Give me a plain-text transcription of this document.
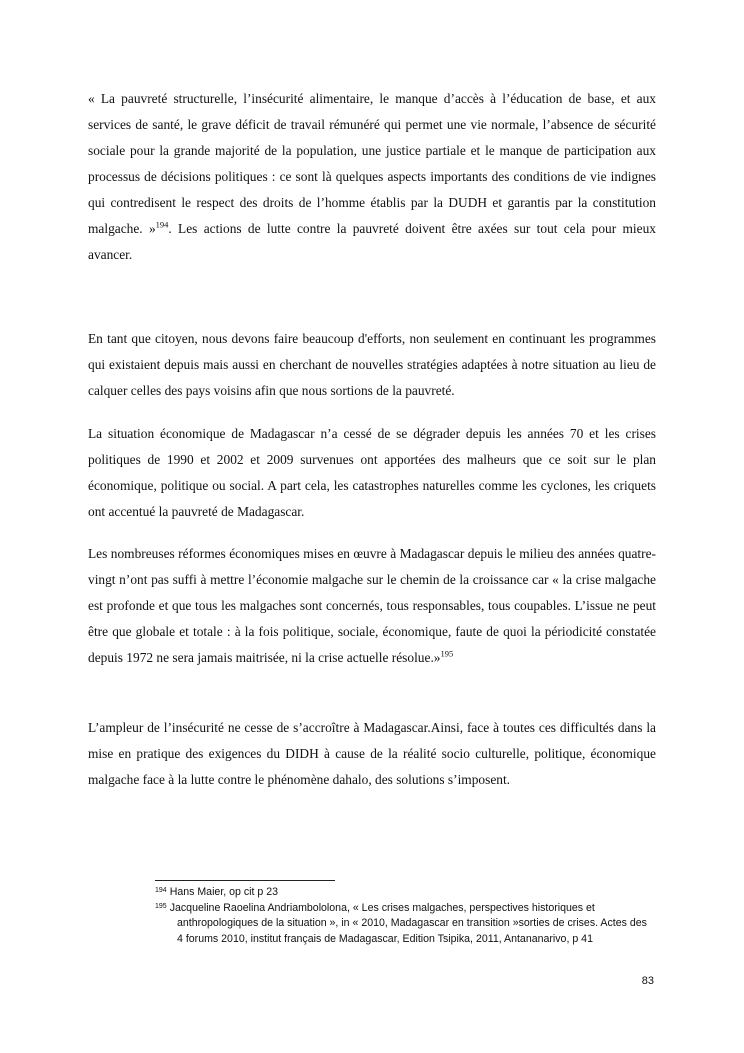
« La pauvreté structurelle, l’insécurité alimentaire, le manque d’accès à l’éducation de base, et aux services de santé, le grave déficit de travail rémunéré qui permet une vie normale, l’absence de sécurité sociale pour la grande majorité de la population, une justice partiale et le manque de participation aux processus de décisions politiques : ce sont là quelques aspects importants des conditions de vie indignes qui contredisent le respect des droits de l’homme établis par la DUDH et garantis par la constitution malgache. »$^{194}$. Les actions de lutte contre la pauvreté doivent être axées sur tout cela pour mieux avancer.

En tant que citoyen, nous devons faire beaucoup d'efforts, non seulement en continuant les programmes qui existaient depuis mais aussi en cherchant de nouvelles stratégies adaptées à notre situation au lieu de calquer celles des pays voisins afin que nous sortions de la pauvreté.

La situation économique de Madagascar n’a cessé de se dégrader depuis les années 70 et les crises politiques de 1990 et 2002 et 2009 survenues ont apportées des malheurs que ce soit sur le plan économique, politique ou social. A part cela, les catastrophes naturelles comme les cyclones, les criquets ont accentué la pauvreté de Madagascar.

Les nombreuses réformes économiques mises en œuvre à Madagascar depuis le milieu des années quatre-vingt n’ont pas suffi à mettre l’économie malgache sur le chemin de la croissance car « la crise malgache est profonde et que tous les malgaches sont concernés, tous responsables, tous coupables. L’issue ne peut être que globale et totale : à la fois politique, sociale, économique, faute de quoi la périodicité constatée depuis 1972 ne sera jamais maitrisée, ni la crise actuelle résolue.»$^{195}$

L’ampleur de l’insécurité ne cesse de s’accroître à Madagascar.Ainsi, face à toutes ces difficultés dans la mise en pratique des exigences du DIDH à cause de la réalité socio culturelle, politique, économique malgache face à la lutte contre le phénomène dahalo, des solutions s’imposent.

$^{194}$ Hans Maier, op cit p 23

$^{195}$ Jacqueline Raoelina Andriambololona, « Les crises malgaches, perspectives historiques et anthropologiques de la situation », in « 2010, Madagascar en transition »sorties de crises. Actes des 4 forums 2010, institut français de Madagascar, Edition Tsipika, 2011, Antananarivo, p 41

83
